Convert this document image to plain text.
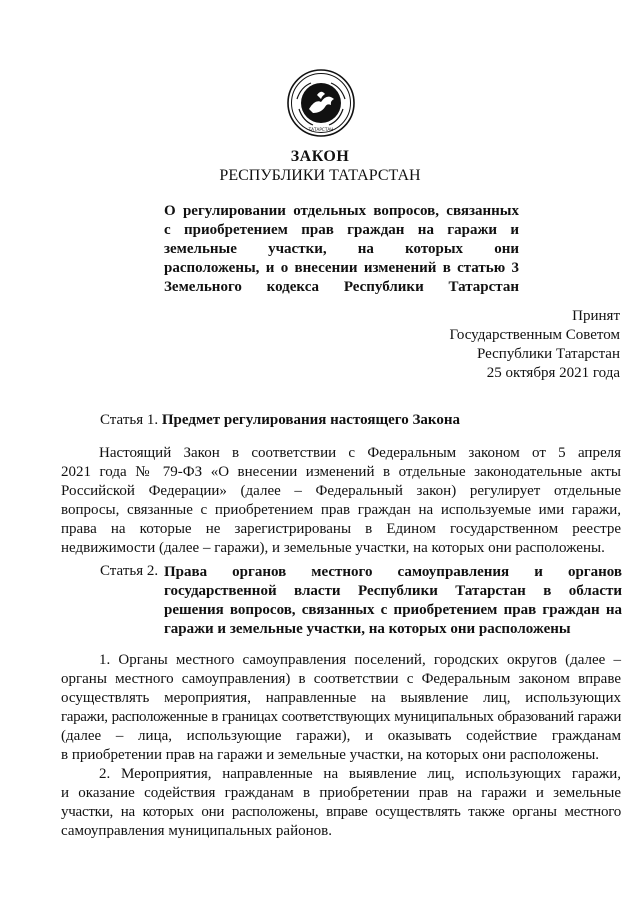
ТАТАРСТАН
ЗАКОН
РЕСПУБЛИКИ ТАТАРСТАН
О регулировании отдельных вопросов, связанных
с приобретением прав граждан на гаражи и
земельные участки, на которых они
расположены, и о внесении изменений в статью 3
Земельного кодекса Республики Татарстан
Принят
Государственным Советом
Республики Татарстан
25 октября 2021 года
Статья 1. Предмет регулирования настоящего Закона
Настоящий Закон в соответствии с Федеральным законом от 5 апреля
2021 года № 79-ФЗ «О внесении изменений в отдельные законодательные акты
Российской Федерации» (далее – Федеральный закон) регулирует отдельные
вопросы, связанные с приобретением прав граждан на используемые ими гаражи,
права на которые не зарегистрированы в Едином государственном реестре
недвижимости (далее – гаражи), и земельные участки, на которых они расположены.
Статья 2. Права органов местного самоуправления и органов
государственной власти Республики Татарстан в области
решения вопросов, связанных с приобретением прав граждан на
гаражи и земельные участки, на которых они расположены
1. Органы местного самоуправления поселений, городских округов (далее –
органы местного самоуправления) в соответствии с Федеральным законом вправе
осуществлять мероприятия, направленные на выявление лиц, использующих
гаражи, расположенные в границах соответствующих муниципальных образований гаражи
(далее – лица, использующие гаражи), и оказывать содействие гражданам
в приобретении прав на гаражи и земельные участки, на которых они расположены.
2. Мероприятия, направленные на выявление лиц, использующих гаражи,
и оказание содействия гражданам в приобретении прав на гаражи и земельные
участки, на которых они расположены, вправе осуществлять также органы местного
самоуправления муниципальных районов.
